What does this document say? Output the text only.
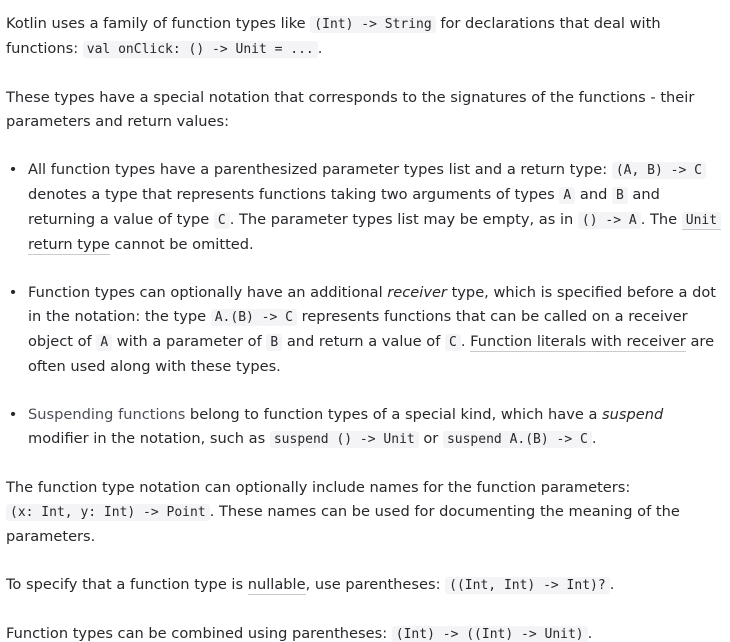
Kotlin uses a family of function types like (Int) -> String for declarations that deal with functions: val onClick: () -> Unit = ... .

These types have a special notation that corresponds to the signatures of the functions - their parameters and return values:

• All function types have a parenthesized parameter types list and a return type: (A, B) -> C denotes a type that represents functions taking two arguments of types A and B and returning a value of type C . The parameter types list may be empty, as in () -> A . The Unit return type cannot be omitted.
• Function types can optionally have an additional receiver type, which is specified before a dot in the notation: the type A.(B) -> C represents functions that can be called on a receiver object of A with a parameter of B and return a value of C . Function literals with receiver are often used along with these types.
• Suspending functions belong to function types of a special kind, which have a suspend modifier in the notation, such as suspend () -> Unit or suspend A.(B) -> C .

The function type notation can optionally include names for the function parameters: (x: Int, y: Int) -> Point . These names can be used for documenting the meaning of the parameters.

To specify that a function type is nullable, use parentheses: ((Int, Int) -> Int)? .

Function types can be combined using parentheses: (Int) -> ((Int) -> Unit) .
